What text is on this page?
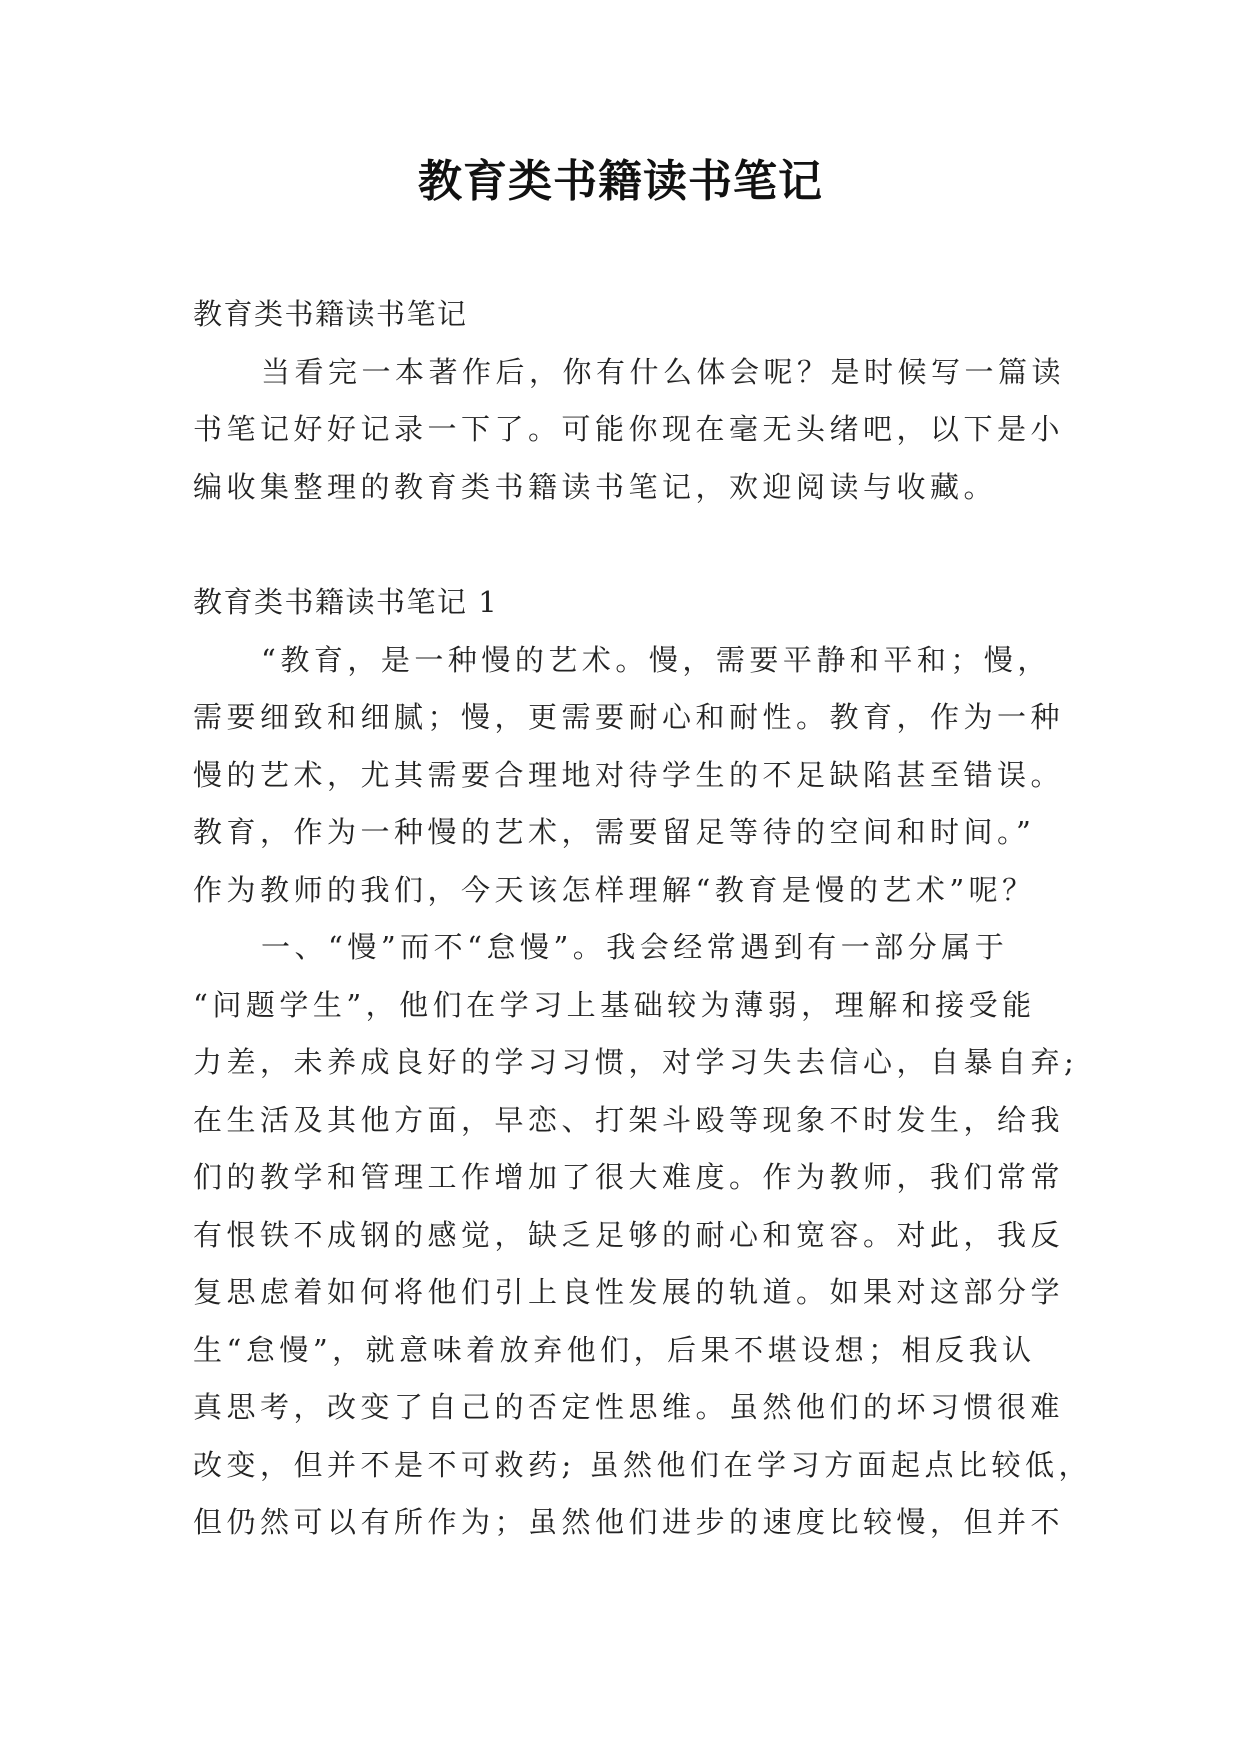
教育类书籍读书笔记
教育类书籍读书笔记
当看完一本著作后，你有什么体会呢？是时候写一篇读
书笔记好好记录一下了。可能你现在毫无头绪吧，以下是小
编收集整理的教育类书籍读书笔记，欢迎阅读与收藏。
教育类书籍读书笔记 1
“教育，是一种慢的艺术。慢，需要平静和平和；慢，
需要细致和细腻；慢，更需要耐心和耐性。教育，作为一种
慢的艺术，尤其需要合理地对待学生的不足缺陷甚至错误。
教育，作为一种慢的艺术，需要留足等待的空间和时间。”
作为教师的我们，今天该怎样理解“教育是慢的艺术”呢？
一、“慢”而不“怠慢”。我会经常遇到有一部分属于
“问题学生”，他们在学习上基础较为薄弱，理解和接受能
力差，未养成良好的学习习惯，对学习失去信心，自暴自弃;
在生活及其他方面，早恋、打架斗殴等现象不时发生，给我
们的教学和管理工作增加了很大难度。作为教师，我们常常
有恨铁不成钢的感觉，缺乏足够的耐心和宽容。对此，我反
复思虑着如何将他们引上良性发展的轨道。如果对这部分学
生“怠慢”，就意味着放弃他们，后果不堪设想；相反我认
真思考，改变了自己的否定性思维。虽然他们的坏习惯很难
改变，但并不是不可救药; 虽然他们在学习方面起点比较低，
但仍然可以有所作为；虽然他们进步的速度比较慢，但并不
